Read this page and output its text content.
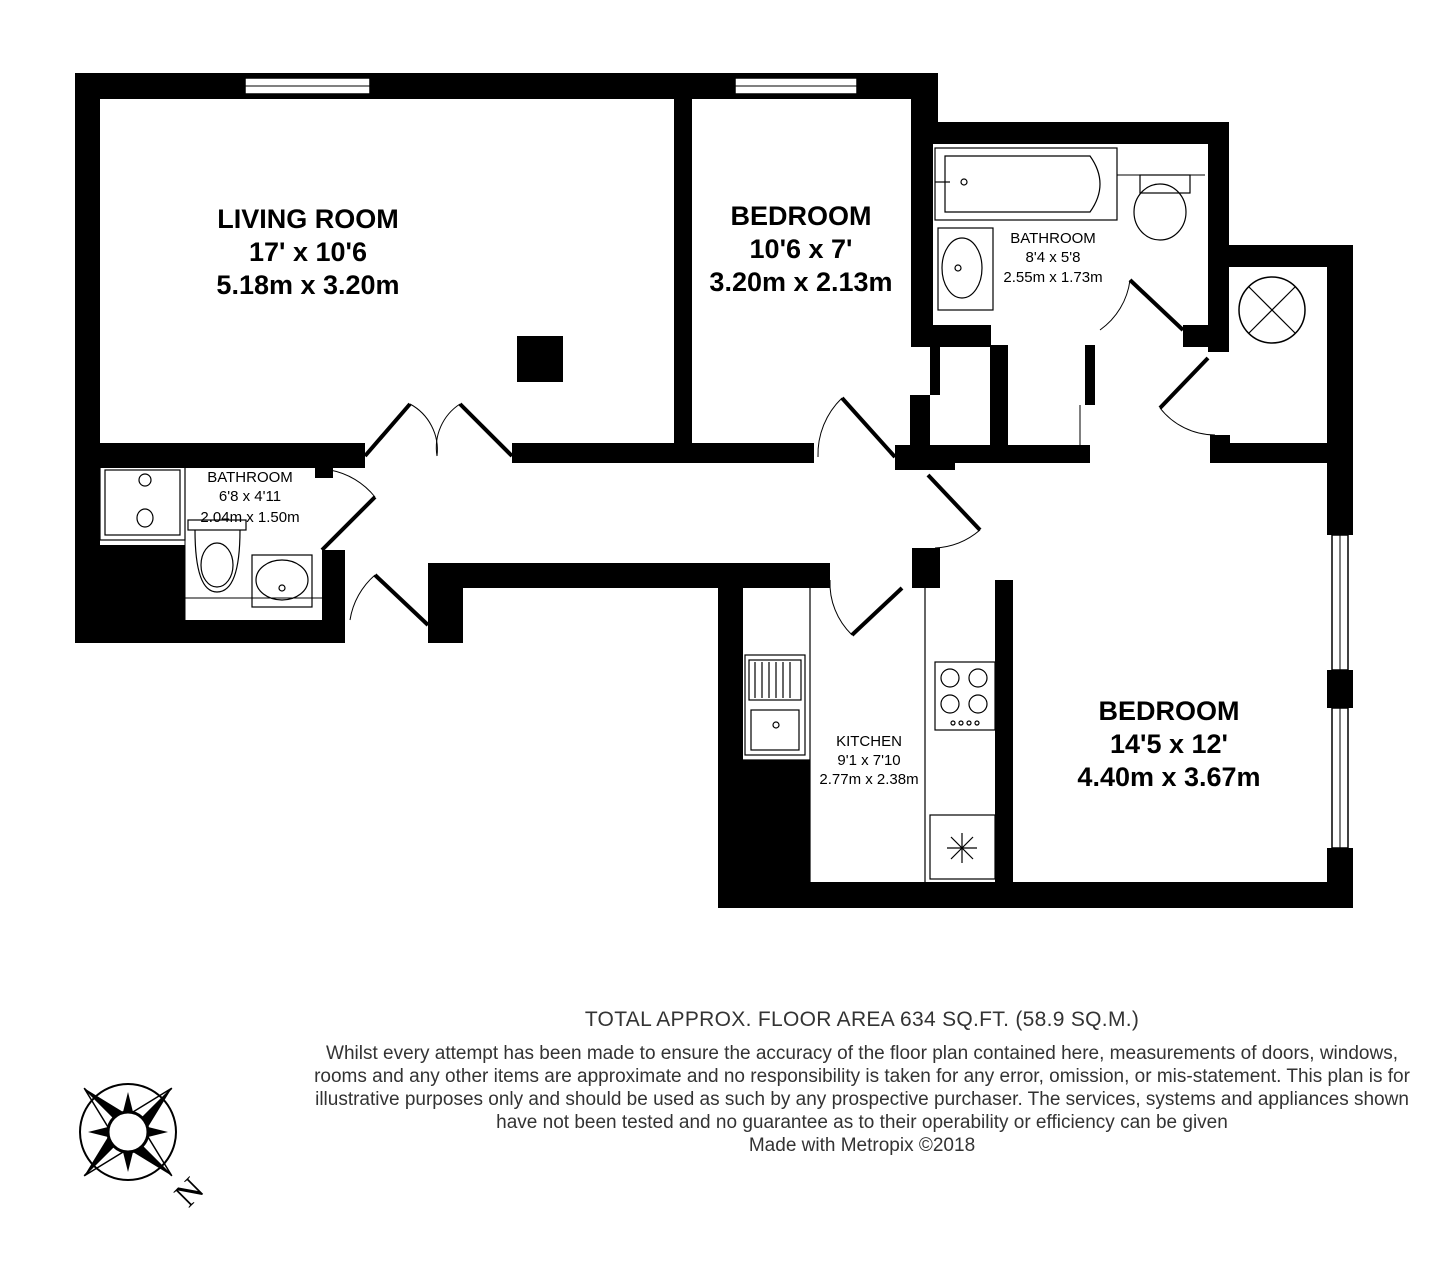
LIVING ROOM
17' x 10'6
5.18m x 3.20m
BEDROOM
10'6 x 7'
3.20m x 2.13m
BATHROOM
8'4 x 5'8
2.55m x 1.73m
BATHROOM
6'8 x 4'11
2.04m x 1.50m
KITCHEN
9'1 x 7'10
2.77m x 2.38m
BEDROOM
14'5 x 12'
4.40m x 3.67m
N
TOTAL APPROX. FLOOR AREA 634 SQ.FT. (58.9 SQ.M.)
Whilst every attempt has been made to ensure the accuracy of the floor plan contained here, measurements of doors, windows, rooms and any other items are approximate and no responsibility is taken for any error, omission, or mis-statement. This plan is for illustrative purposes only and should be used as such by any prospective purchaser. The services, systems and appliances shown have not been tested and no guarantee as to their operability or efficiency can be given
Made with Metropix ©2018
